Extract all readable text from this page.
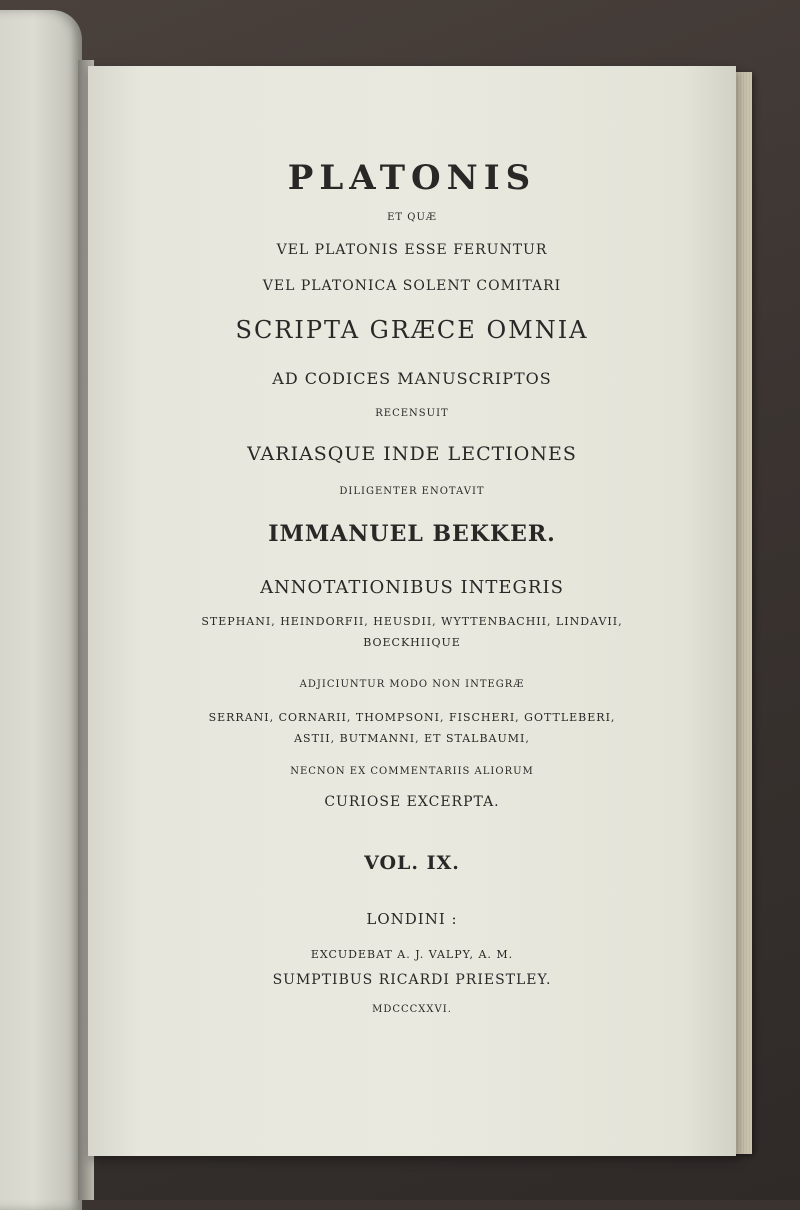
PLATONIS
ET QUÆ
VEL PLATONIS ESSE FERUNTUR
VEL PLATONICA SOLENT COMITARI
SCRIPTA GRÆCE OMNIA
AD CODICES MANUSCRIPTOS
RECENSUIT
VARIASQUE INDE LECTIONES
DILIGENTER ENOTAVIT
IMMANUEL BEKKER.
ANNOTATIONIBUS INTEGRIS
STEPHANI, HEINDORFII, HEUSDII, WYTTENBACHII, LINDAVII,
BOECKHIIQUE
ADJICIUNTUR MODO NON INTEGRÆ
SERRANI, CORNARII, THOMPSONI, FISCHERI, GOTTLEBERI,
ASTII, BUTMANNI, ET STALBAUMI,
NECNON EX COMMENTARIIS ALIORUM
CURIOSE EXCERPTA.
VOL. IX.
LONDINI :
EXCUDEBAT A. J. VALPY, A. M.
SUMPTIBUS RICARDI PRIESTLEY.
MDCCCXXVI.
